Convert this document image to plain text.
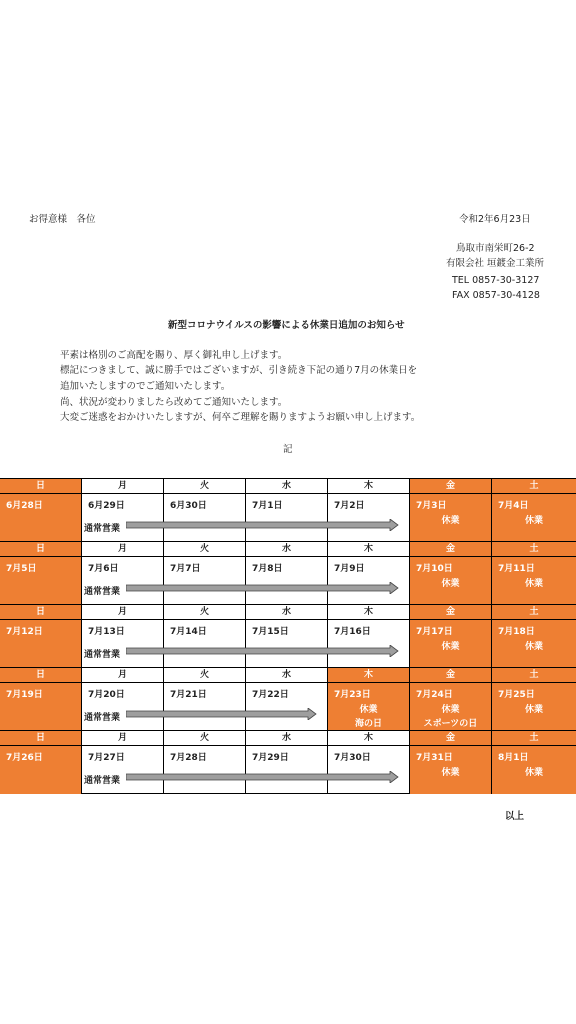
お得意様　各位	令和2年6月23日
鳥取市南栄町26-2
有限会社 垣鍍金工業所
TEL 0857-30-3127
FAX 0857-30-4128
新型コロナウイルスの影響による休業日追加のお知らせ
平素は格別のご高配を賜り、厚く御礼申し上げます。
標記につきまして、誠に勝手ではございますが、引き続き下記の通り7月の休業日を
追加いたしますのでご通知いたします。
尚、状況が変わりましたら改めてご通知いたします。
大変ご迷惑をおかけいたしますが、何卒ご理解を賜りますようお願い申し上げます。
記
日
6月28日
月
6月29日
火
6月30日
水
7月1日
木
7月2日
金
7月3日
休業
土
7月4日
休業
通常営業
日
7月5日
月
7月6日
火
7月7日
水
7月8日
木
7月9日
金
7月10日
休業
土
7月11日
休業
通常営業
日
7月12日
月
7月13日
火
7月14日
水
7月15日
木
7月16日
金
7月17日
休業
土
7月18日
休業
通常営業
日
7月19日
月
7月20日
火
7月21日
水
7月22日
木
7月23日
休業
海の日
金
7月24日
休業
スポーツの日
土
7月25日
休業
通常営業
日
7月26日
月
7月27日
火
7月28日
水
7月29日
木
7月30日
金
7月31日
休業
土
8月1日
休業
通常営業
以上
